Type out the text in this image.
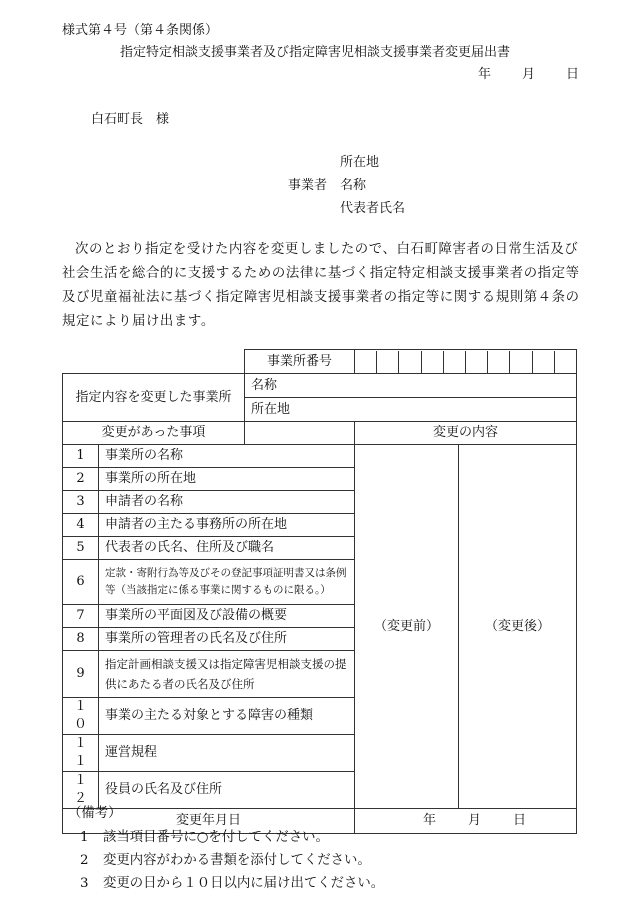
様式第４号（第４条関係）
指定特定相談支援事業者及び指定障害児相談支援事業者変更届出書
年 月 日
白石町長　様
所在地
事業者 名称
代表者氏名
次のとおり指定を受けた内容を変更しましたので、白石町障害者の日常生活及び社会生活を総合的に支援するための法律に基づく指定特定相談支援事業者の指定等及び児童福祉法に基づく指定障害児相談支援事業者の指定等に関する規則第４条の規定により届け出ます。
		事業所番号		

指定内容を変更した事業所		名称		
		所在地		
変更があった事項			変更の内容	
1	事業所の名称		（変更前）	（変更後）
2	事業所の所在地			
3	申請者の名称			
4	申請者の主たる事務所の所在地			
5	代表者の氏名、住所及び職名			
6	定款・寄附行為等及びその登記事項証明書又は条例等（当該指定に係る事業に関するものに限る。）			
7	事業所の平面図及び設備の概要			
8	事業所の管理者の氏名及び住所			
9	指定計画相談支援又は指定障害児相談支援の提供にあたる者の氏名及び住所			
１０	事業の主たる対象とする障害の種類			
１１	運営規程			
１２	役員の氏名及び住所			
変更年月日			年 月 日	
（備考）
1 該当項目番号に○を付してください。
2 変更内容がわかる書類を添付してください。
3 変更の日から１０日以内に届け出てください。
